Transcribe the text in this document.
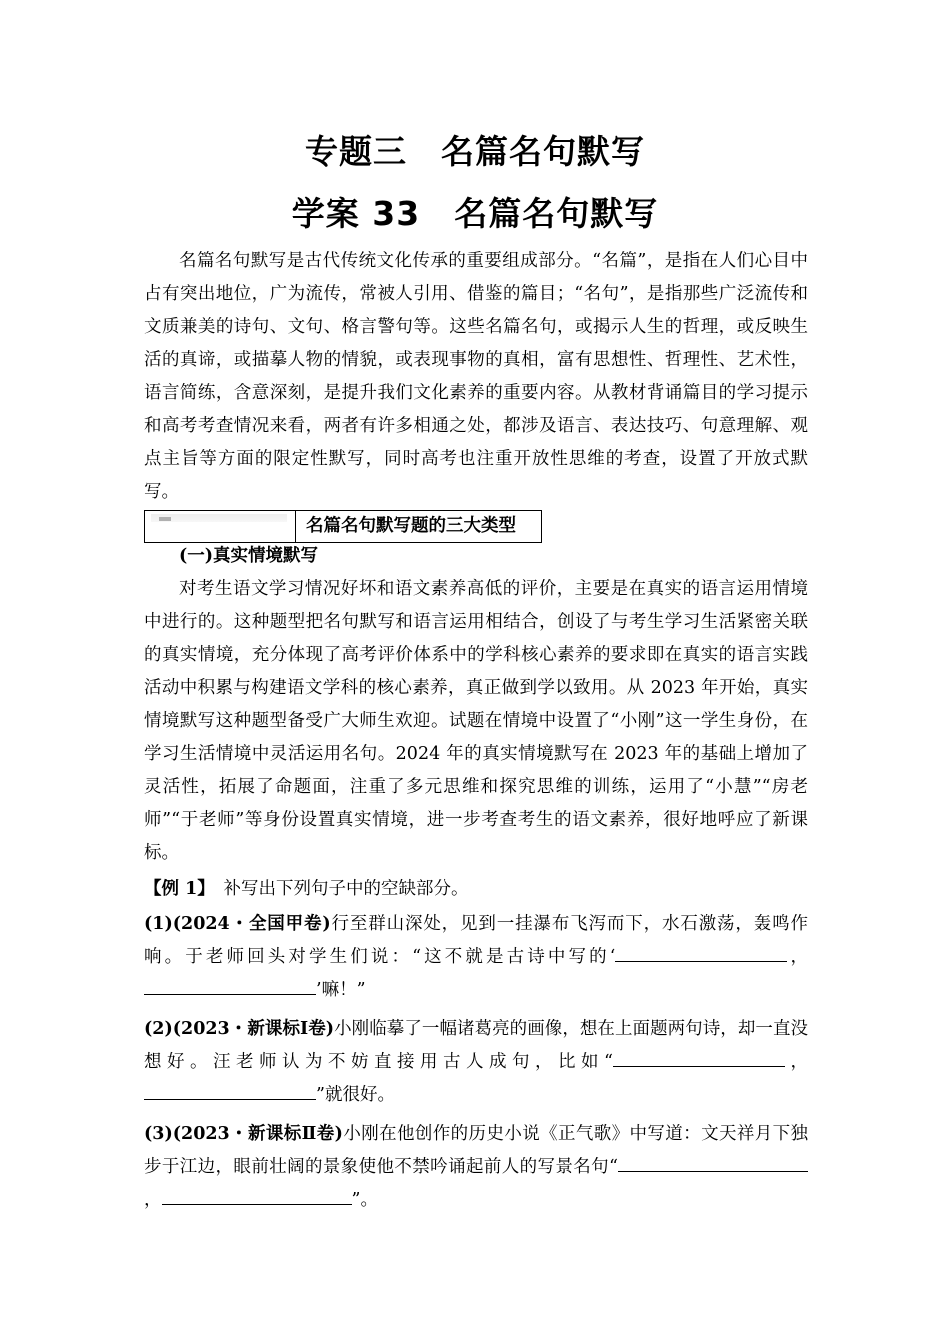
专题三　名篇名句默写
学案 33　名篇名句默写

名篇名句默写是古代传统文化传承的重要组成部分。“名篇”，是指在人们心目中占有突出地位，广为流传，常被人引用、借鉴的篇目；“名句”，是指那些广泛流传和文质兼美的诗句、文句、格言警句等。这些名篇名句，或揭示人生的哲理，或反映生活的真谛，或描摹人物的情貌，或表现事物的真相，富有思想性、哲理性、艺术性，语言简练，含意深刻，是提升我们文化素养的重要内容。从教材背诵篇目的学习提示和高考考查情况来看，两者有许多相通之处，都涉及语言、表达技巧、句意理解、观点主旨等方面的限定性默写，同时高考也注重开放性思维的考查，设置了开放式默写。

名篇名句默写题的三大类型
(一)真实情境默写

对考生语文学习情况好坏和语文素养高低的评价，主要是在真实的语言运用情境中进行的。这种题型把名句默写和语言运用相结合，创设了与考生学习生活紧密关联的真实情境，充分体现了高考评价体系中的学科核心素养的要求即在真实的语言实践活动中积累与构建语文学科的核心素养，真正做到学以致用。从 2023 年开始，真实情境默写这种题型备受广大师生欢迎。试题在情境中设置了“小刚”这一学生身份，在学习生活情境中灵活运用名句。2024 年的真实情境默写在 2023 年的基础上增加了灵活性，拓展了命题面，注重了多元思维和探究思维的训练，运用了“小慧”“房老师”“于老师”等身份设置真实情境，进一步考查考生的语文素养，很好地呼应了新课标。

【例 1】　补写出下列句子中的空缺部分。
(1)(2024・全国甲卷)行至群山深处，见到一挂瀑布飞泻而下，水石激荡，轰鸣作响。于老师回头对学生们说：“这不就是古诗中写的‘	，’嘛！”
(2)(2023・新课标Ⅰ卷)小刚临摹了一幅诸葛亮的画像，想在上面题两句诗，却一直没想好。汪老师认为不妨直接用古人成句，比如“	，”就很好。
(3)(2023・新课标Ⅱ卷)小刚在他创作的历史小说《正气歌》中写道：文天祥月下独步于江边，眼前壮阔的景象使他不禁吟诵起前人的写景名句“，	”。
